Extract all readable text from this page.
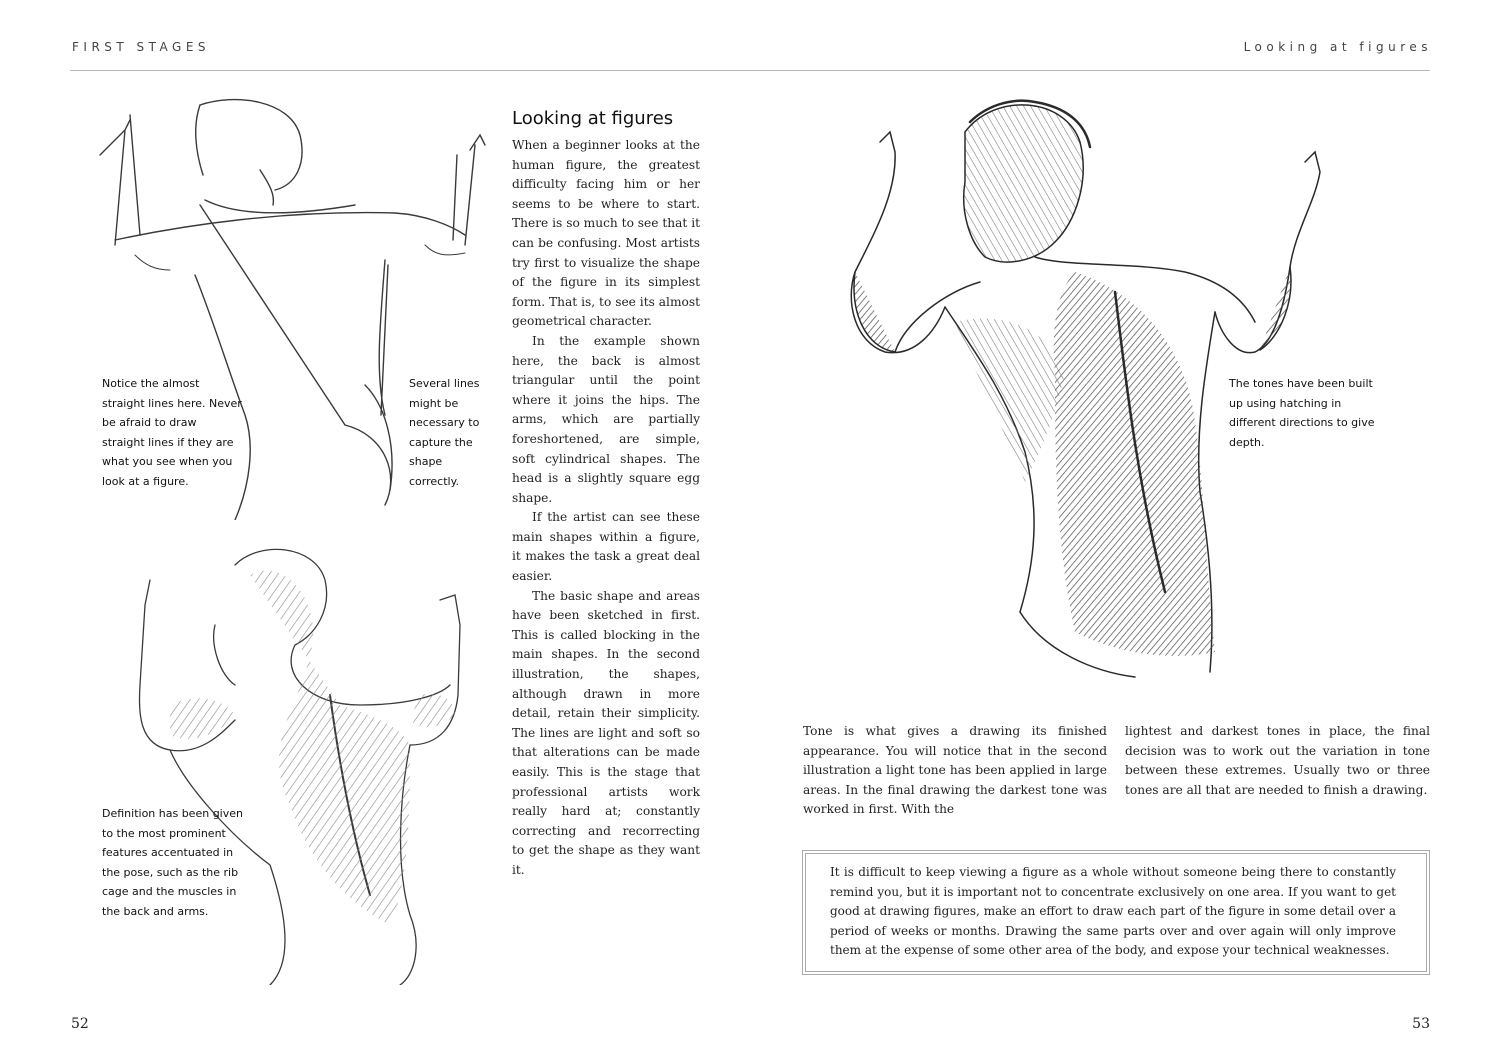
FIRST STAGES	Looking at figures
Notice the almost straight lines here. Never be afraid to draw straight lines if they are what you see when you look at a figure.
Several lines might be necessary to capture the shape correctly.
Definition has been given to the most prominent features accentuated in the pose, such as the rib cage and the muscles in the back and arms.
Looking at figures

When a beginner looks at the human figure, the greatest difficulty facing him or her seems to be where to start. There is so much to see that it can be confusing. Most artists try first to visualize the shape of the figure in its simplest form. That is, to see its almost geometrical character.

In the example shown here, the back is almost triangular until the point where it joins the hips. The arms, which are partially foreshortened, are simple, soft cylindrical shapes. The head is a slightly square egg shape.

If the artist can see these main shapes within a figure, it makes the task a great deal easier.

The basic shape and areas have been sketched in first. This is called blocking in the main shapes. In the second illustration, the shapes, although drawn in more detail, retain their simplicity. The lines are light and soft so that alterations can be made easily. This is the stage that professional artists work really hard at; constantly correcting and recorrecting to get the shape as they want it.

The tones have been built up using hatching in different directions to give depth.
Tone is what gives a drawing its finished appearance. You will notice that in the second illustration a light tone has been applied in large areas. In the final drawing the darkest tone was worked in first. With the
lightest and darkest tones in place, the final decision was to work out the variation in tone between these extremes. Usually two or three tones are all that are needed to finish a drawing.
It is difficult to keep viewing a figure as a whole without someone being there to constantly remind you, but it is important not to concentrate exclusively on one area. If you want to get good at drawing figures, make an effort to draw each part of the figure in some detail over a period of weeks or months. Drawing the same parts over and over again will only improve them at the expense of some other area of the body, and expose your technical weaknesses.
52	53
